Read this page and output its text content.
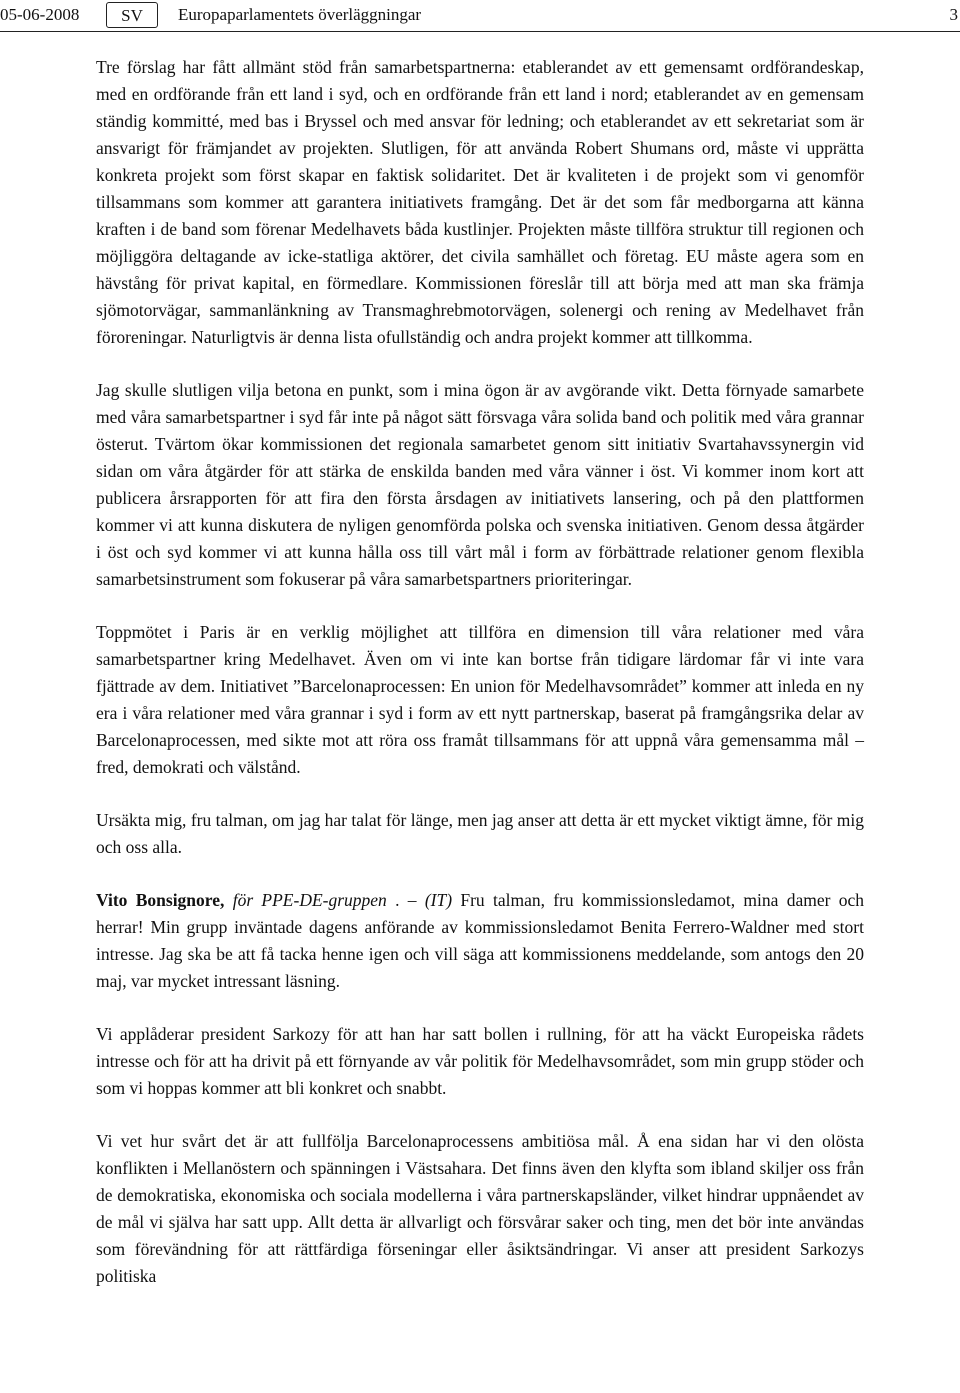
05-06-2008	SV	Europaparlamentets överläggningar	3

Tre förslag har fått allmänt stöd från samarbetspartnerna: etablerandet av ett gemensamt ordförandeskap, med en ordförande från ett land i syd, och en ordförande från ett land i nord; etablerandet av en gemensam ständig kommitté, med bas i Bryssel och med ansvar för ledning; och etablerandet av ett sekretariat som är ansvarigt för främjandet av projekten. Slutligen, för att använda Robert Shumans ord, måste vi upprätta konkreta projekt som först skapar en faktisk solidaritet. Det är kvaliteten i de projekt som vi genomför tillsammans som kommer att garantera initiativets framgång. Det är det som får medborgarna att känna kraften i de band som förenar Medelhavets båda kustlinjer. Projekten måste tillföra struktur till regionen och möjliggöra deltagande av icke-statliga aktörer, det civila samhället och företag. EU måste agera som en hävstång för privat kapital, en förmedlare. Kommissionen föreslår till att börja med att man ska främja sjömotorvägar, sammanlänkning av Transmaghrebmotorvägen, solenergi och rening av Medelhavet från föroreningar. Naturligtvis är denna lista ofullständig och andra projekt kommer att tillkomma.

Jag skulle slutligen vilja betona en punkt, som i mina ögon är av avgörande vikt. Detta förnyade samarbete med våra samarbetspartner i syd får inte på något sätt försvaga våra solida band och politik med våra grannar österut. Tvärtom ökar kommissionen det regionala samarbetet genom sitt initiativ Svartahavssynergin vid sidan om våra åtgärder för att stärka de enskilda banden med våra vänner i öst. Vi kommer inom kort att publicera årsrapporten för att fira den första årsdagen av initiativets lansering, och på den plattformen kommer vi att kunna diskutera de nyligen genomförda polska och svenska initiativen. Genom dessa åtgärder i öst och syd kommer vi att kunna hålla oss till vårt mål i form av förbättrade relationer genom flexibla samarbetsinstrument som fokuserar på våra samarbetspartners prioriteringar.

Toppmötet i Paris är en verklig möjlighet att tillföra en dimension till våra relationer med våra samarbetspartner kring Medelhavet. Även om vi inte kan bortse från tidigare lärdomar får vi inte vara fjättrade av dem. Initiativet ”Barcelonaprocessen: En union för Medelhavsområdet” kommer att inleda en ny era i våra relationer med våra grannar i syd i form av ett nytt partnerskap, baserat på framgångsrika delar av Barcelonaprocessen, med sikte mot att röra oss framåt tillsammans för att uppnå våra gemensamma mål – fred, demokrati och välstånd.

Ursäkta mig, fru talman, om jag har talat för länge, men jag anser att detta är ett mycket viktigt ämne, för mig och oss alla.

Vito Bonsignore, för PPE-DE-gruppen . – (IT) Fru talman, fru kommissionsledamot, mina damer och herrar! Min grupp inväntade dagens anförande av kommissionsledamot Benita Ferrero-Waldner med stort intresse. Jag ska be att få tacka henne igen och vill säga att kommissionens meddelande, som antogs den 20 maj, var mycket intressant läsning.

Vi applåderar president Sarkozy för att han har satt bollen i rullning, för att ha väckt Europeiska rådets intresse och för att ha drivit på ett förnyande av vår politik för Medelhavsområdet, som min grupp stöder och som vi hoppas kommer att bli konkret och snabbt.

Vi vet hur svårt det är att fullfölja Barcelonaprocessens ambitiösa mål. Å ena sidan har vi den olösta konflikten i Mellanöstern och spänningen i Västsahara. Det finns även den klyfta som ibland skiljer oss från de demokratiska, ekonomiska och sociala modellerna i våra partnerskapsländer, vilket hindrar uppnåendet av de mål vi själva har satt upp. Allt detta är allvarligt och försvårar saker och ting, men det bör inte användas som förevändning för att rättfärdiga förseningar eller åsiktsändringar. Vi anser att president Sarkozys politiska
